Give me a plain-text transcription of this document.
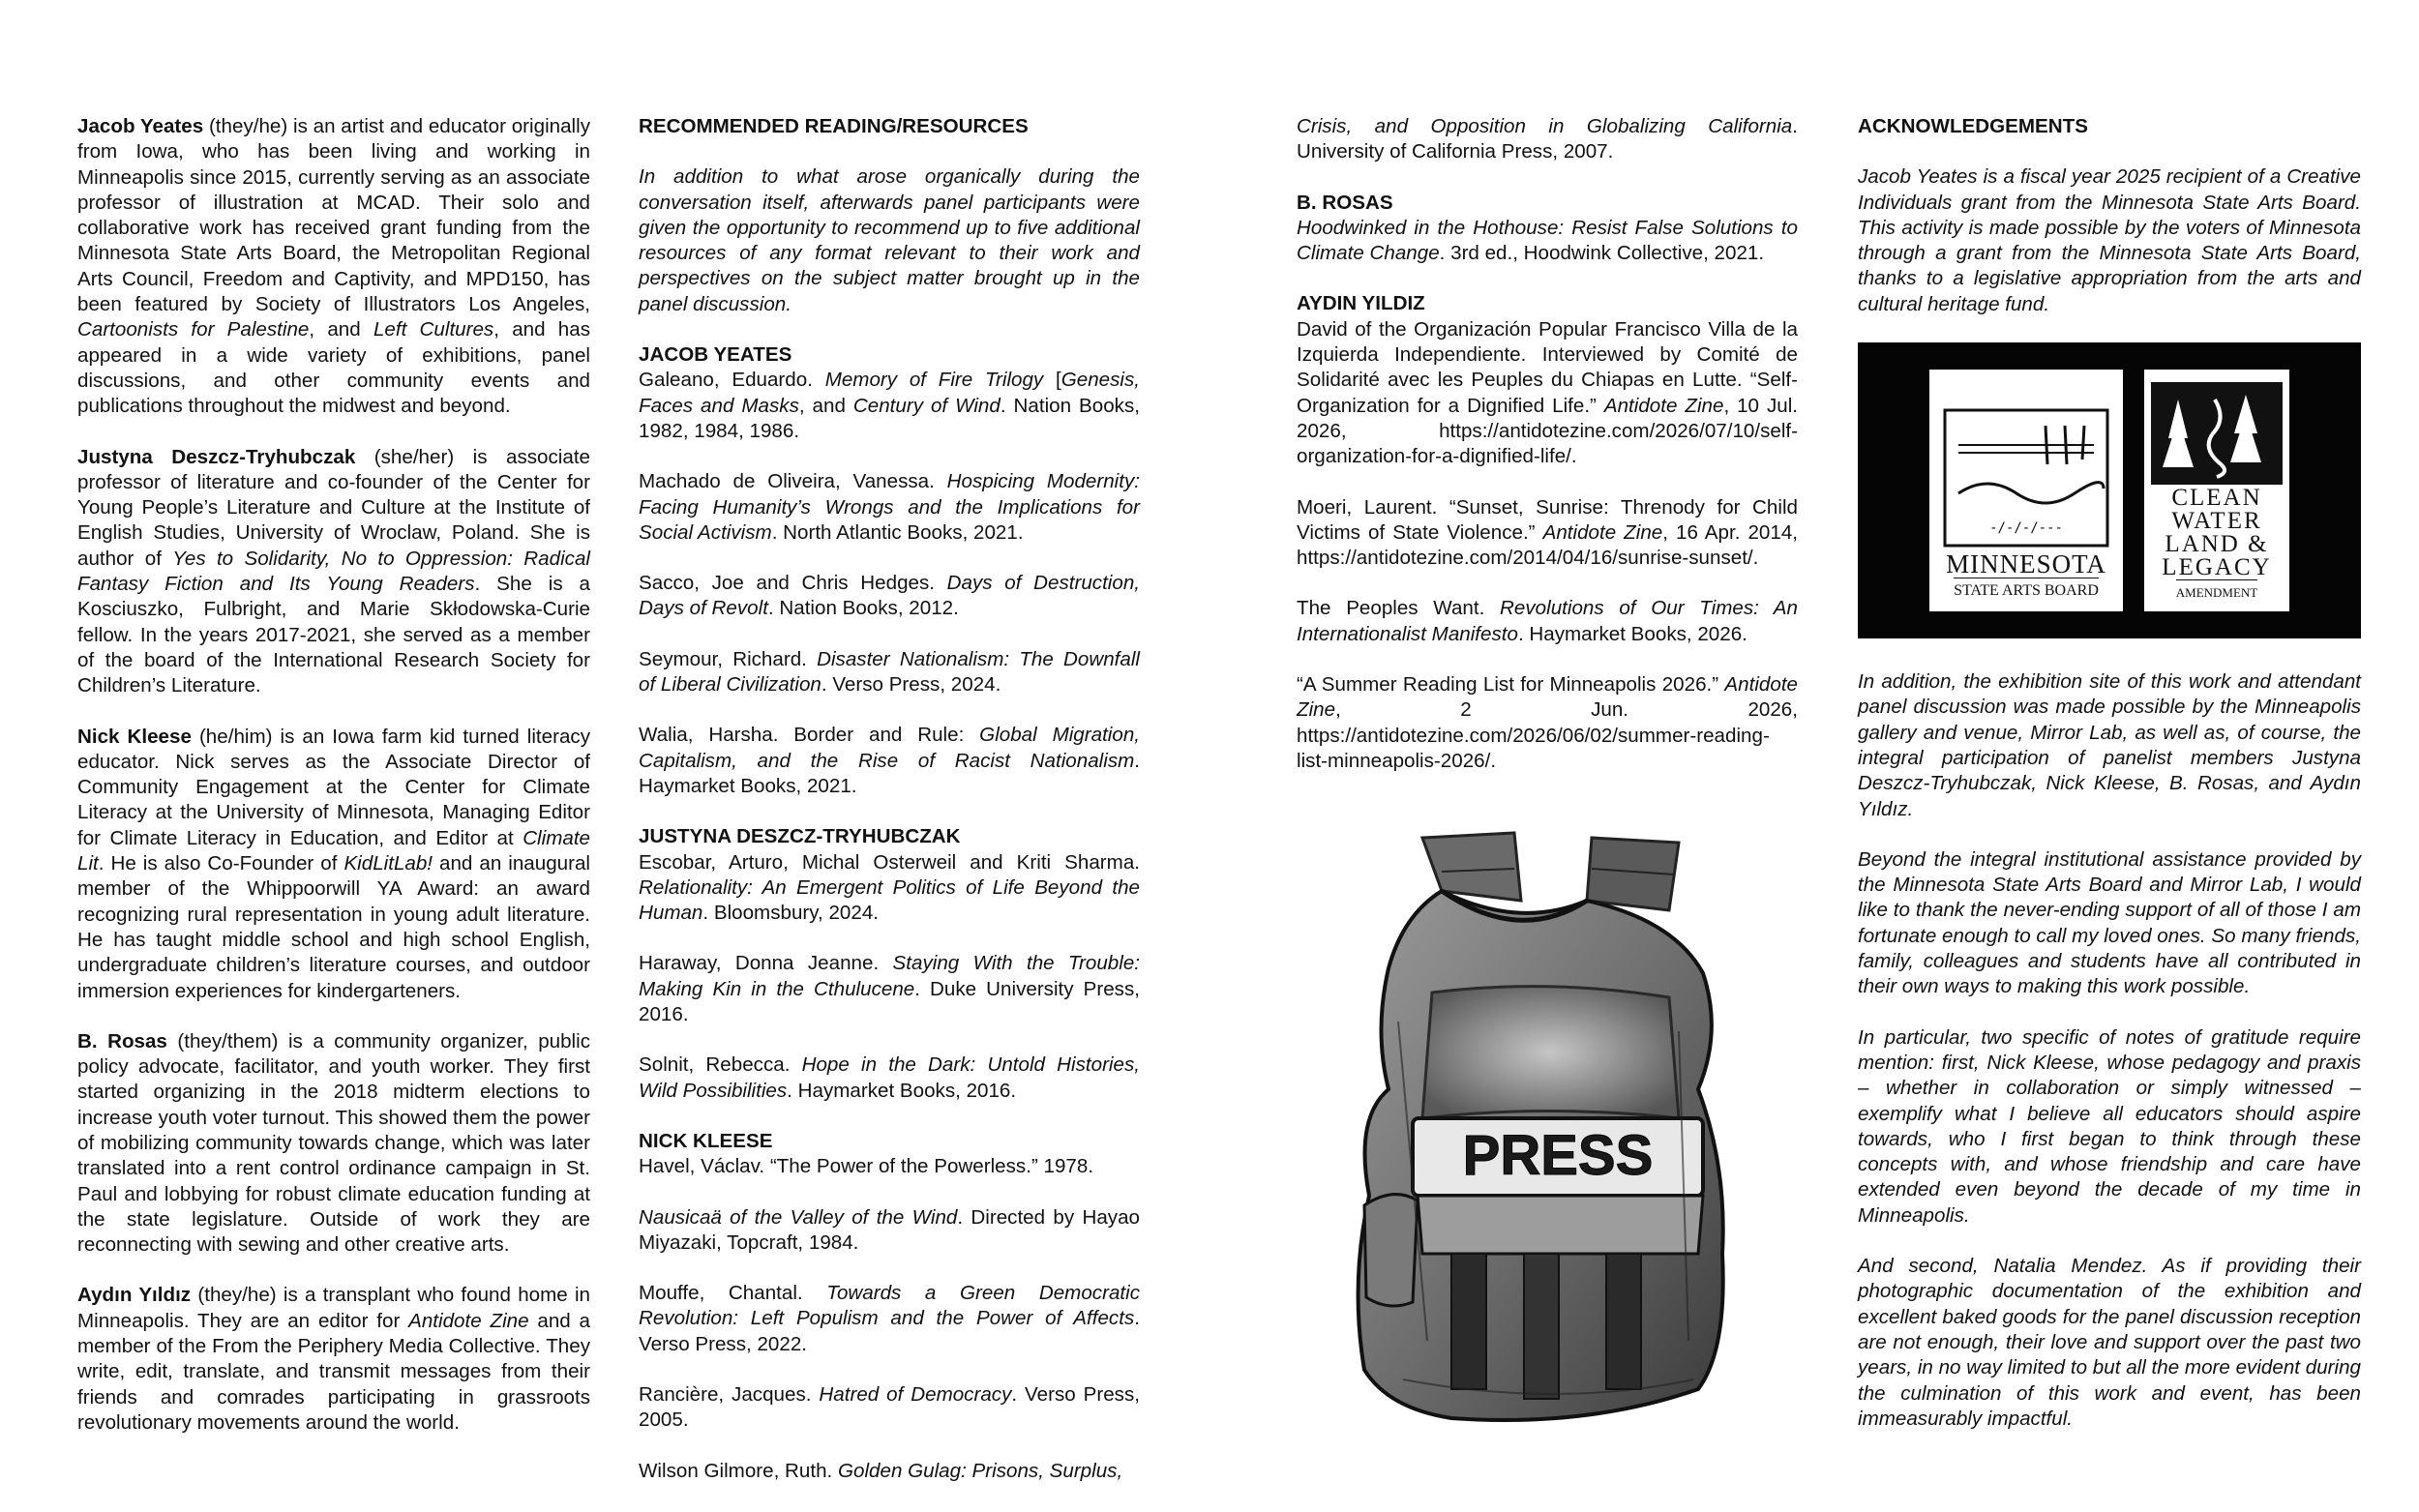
Jacob Yeates (they/he) is an artist and educator originally from Iowa, who has been living and working in Minneapolis since 2015, currently serving as an associate professor of illustration at MCAD. Their solo and collaborative work has received grant funding from the Minnesota State Arts Board, the Metropolitan Regional Arts Council, Freedom and Captivity, and MPD150, has been featured by Society of Illustrators Los Angeles, Cartoonists for Palestine, and Left Cultures, and has appeared in a wide variety of exhibitions, panel discussions, and other community events and publications throughout the midwest and beyond.

Justyna Deszcz-Tryhubczak (she/her) is associate professor of literature and co-founder of the Center for Young People’s Literature and Culture at the Institute of English Studies, University of Wroclaw, Poland. She is author of Yes to Solidarity, No to Oppression: Radical Fantasy Fiction and Its Young Readers. She is a Kosciuszko, Fulbright, and Marie Skłodowska-Curie fellow. In the years 2017-2021, she served as a member of the board of the International Research Society for Children’s Literature.

Nick Kleese (he/him) is an Iowa farm kid turned literacy educator. Nick serves as the Associate Director of Community Engagement at the Center for Climate Literacy at the University of Minnesota, Managing Editor for Climate Literacy in Education, and Editor at Climate Lit. He is also Co-Founder of KidLitLab! and an inaugural member of the Whippoorwill YA Award: an award recognizing rural representation in young adult literature. He has taught middle school and high school English, undergraduate children’s literature courses, and outdoor immersion experiences for kindergarteners.

B. Rosas (they/them) is a community organizer, public policy advocate, facilitator, and youth worker. They first started organizing in the 2018 midterm elections to increase youth voter turnout. This showed them the power of mobilizing community towards change, which was later translated into a rent control ordinance campaign in St. Paul and lobbying for robust climate education funding at the state legislature. Outside of work they are reconnecting with sewing and other creative arts.

Aydın Yıldız (they/he) is a transplant who found home in Minneapolis. They are an editor for Antidote Zine and a member of the From the Periphery Media Collective. They write, edit, translate, and transmit messages from their friends and comrades participating in grassroots revolutionary movements around the world.

RECOMMENDED READING/RESOURCES

In addition to what arose organically during the conversation itself, afterwards panel participants were given the opportunity to recommend up to five additional resources of any format relevant to their work and perspectives on the subject matter brought up in the panel discussion.

JACOB YEATES
Galeano, Eduardo. Memory of Fire Trilogy [Genesis, Faces and Masks, and Century of Wind. Nation Books, 1982, 1984, 1986.
Machado de Oliveira, Vanessa. Hospicing Modernity: Facing Humanity’s Wrongs and the Implications for Social Activism. North Atlantic Books, 2021.
Sacco, Joe and Chris Hedges. Days of Destruction, Days of Revolt. Nation Books, 2012.
Seymour, Richard. Disaster Nationalism: The Downfall of Liberal Civilization. Verso Press, 2024.
Walia, Harsha. Border and Rule: Global Migration, Capitalism, and the Rise of Racist Nationalism. Haymarket Books, 2021.
JUSTYNA DESZCZ-TRYHUBCZAK
Escobar, Arturo, Michal Osterweil and Kriti Sharma. Relationality: An Emergent Politics of Life Beyond the Human. Bloomsbury, 2024.
Haraway, Donna Jeanne. Staying With the Trouble: Making Kin in the Cthulucene. Duke University Press, 2016.
Solnit, Rebecca. Hope in the Dark: Untold Histories, Wild Possibilities. Haymarket Books, 2016.
NICK KLEESE
Havel, Václav. “The Power of the Powerless.” 1978.
Nausicaä of the Valley of the Wind. Directed by Hayao Miyazaki, Topcraft, 1984.
Mouffe, Chantal. Towards a Green Democratic Revolution: Left Populism and the Power of Affects. Verso Press, 2022.
Rancière, Jacques. Hatred of Democracy. Verso Press, 2005.
Wilson Gilmore, Ruth. Golden Gulag: Prisons, Surplus,
Crisis, and Opposition in Globalizing California. University of California Press, 2007.
B. ROSAS
Hoodwinked in the Hothouse: Resist False Solutions to Climate Change. 3rd ed., Hoodwink Collective, 2021.
AYDIN YILDIZ
David of the Organización Popular Francisco Villa de la Izquierda Independiente. Interviewed by Comité de Solidarité avec les Peuples du Chiapas en Lutte. “Self-Organization for a Dignified Life.” Antidote Zine, 10 Jul. 2026, https://antidotezine.com/2026/07/10/self-organization-for-a-dignified-life/.
Moeri, Laurent. “Sunset, Sunrise: Threnody for Child Victims of State Violence.” Antidote Zine, 16 Apr. 2014, https://antidotezine.com/2014/04/16/sunrise-sunset/.
The Peoples Want. Revolutions of Our Times: An Internationalist Manifesto. Haymarket Books, 2026.
“A Summer Reading List for Minneapolis 2026.” Antidote Zine, 2 Jun. 2026, https://antidotezine.com/2026/06/02/summer-reading-list-minneapolis-2026/.
PRESS
ACKNOWLEDGEMENTS

Jacob Yeates is a fiscal year 2025 recipient of a Creative Individuals grant from the Minnesota State Arts Board. This activity is made possible by the voters of Minnesota through a grant from the Minnesota State Arts Board, thanks to a legislative appropriation from the arts and cultural heritage fund.

-/-/-/---
MINNESOTA
STATE ARTS BOARD
CLEAN
WATER
LAND &
LEGACY
AMENDMENT

In addition, the exhibition site of this work and attendant panel discussion was made possible by the Minneapolis gallery and venue, Mirror Lab, as well as, of course, the integral participation of panelist members Justyna Deszcz-Tryhubczak, Nick Kleese, B. Rosas, and Aydın Yıldız.

Beyond the integral institutional assistance provided by the Minnesota State Arts Board and Mirror Lab, I would like to thank the never-ending support of all of those I am fortunate enough to call my loved ones. So many friends, family, colleagues and students have all contributed in their own ways to making this work possible.

In particular, two specific of notes of gratitude require mention: first, Nick Kleese, whose pedagogy and praxis – whether in collaboration or simply witnessed – exemplify what I believe all educators should aspire towards, who I first began to think through these concepts with, and whose friendship and care have extended even beyond the decade of my time in Minneapolis.

And second, Natalia Mendez. As if providing their photographic documentation of the exhibition and excellent baked goods for the panel discussion reception are not enough, their love and support over the past two years, in no way limited to but all the more evident during the culmination of this work and event, has been immeasurably impactful.
